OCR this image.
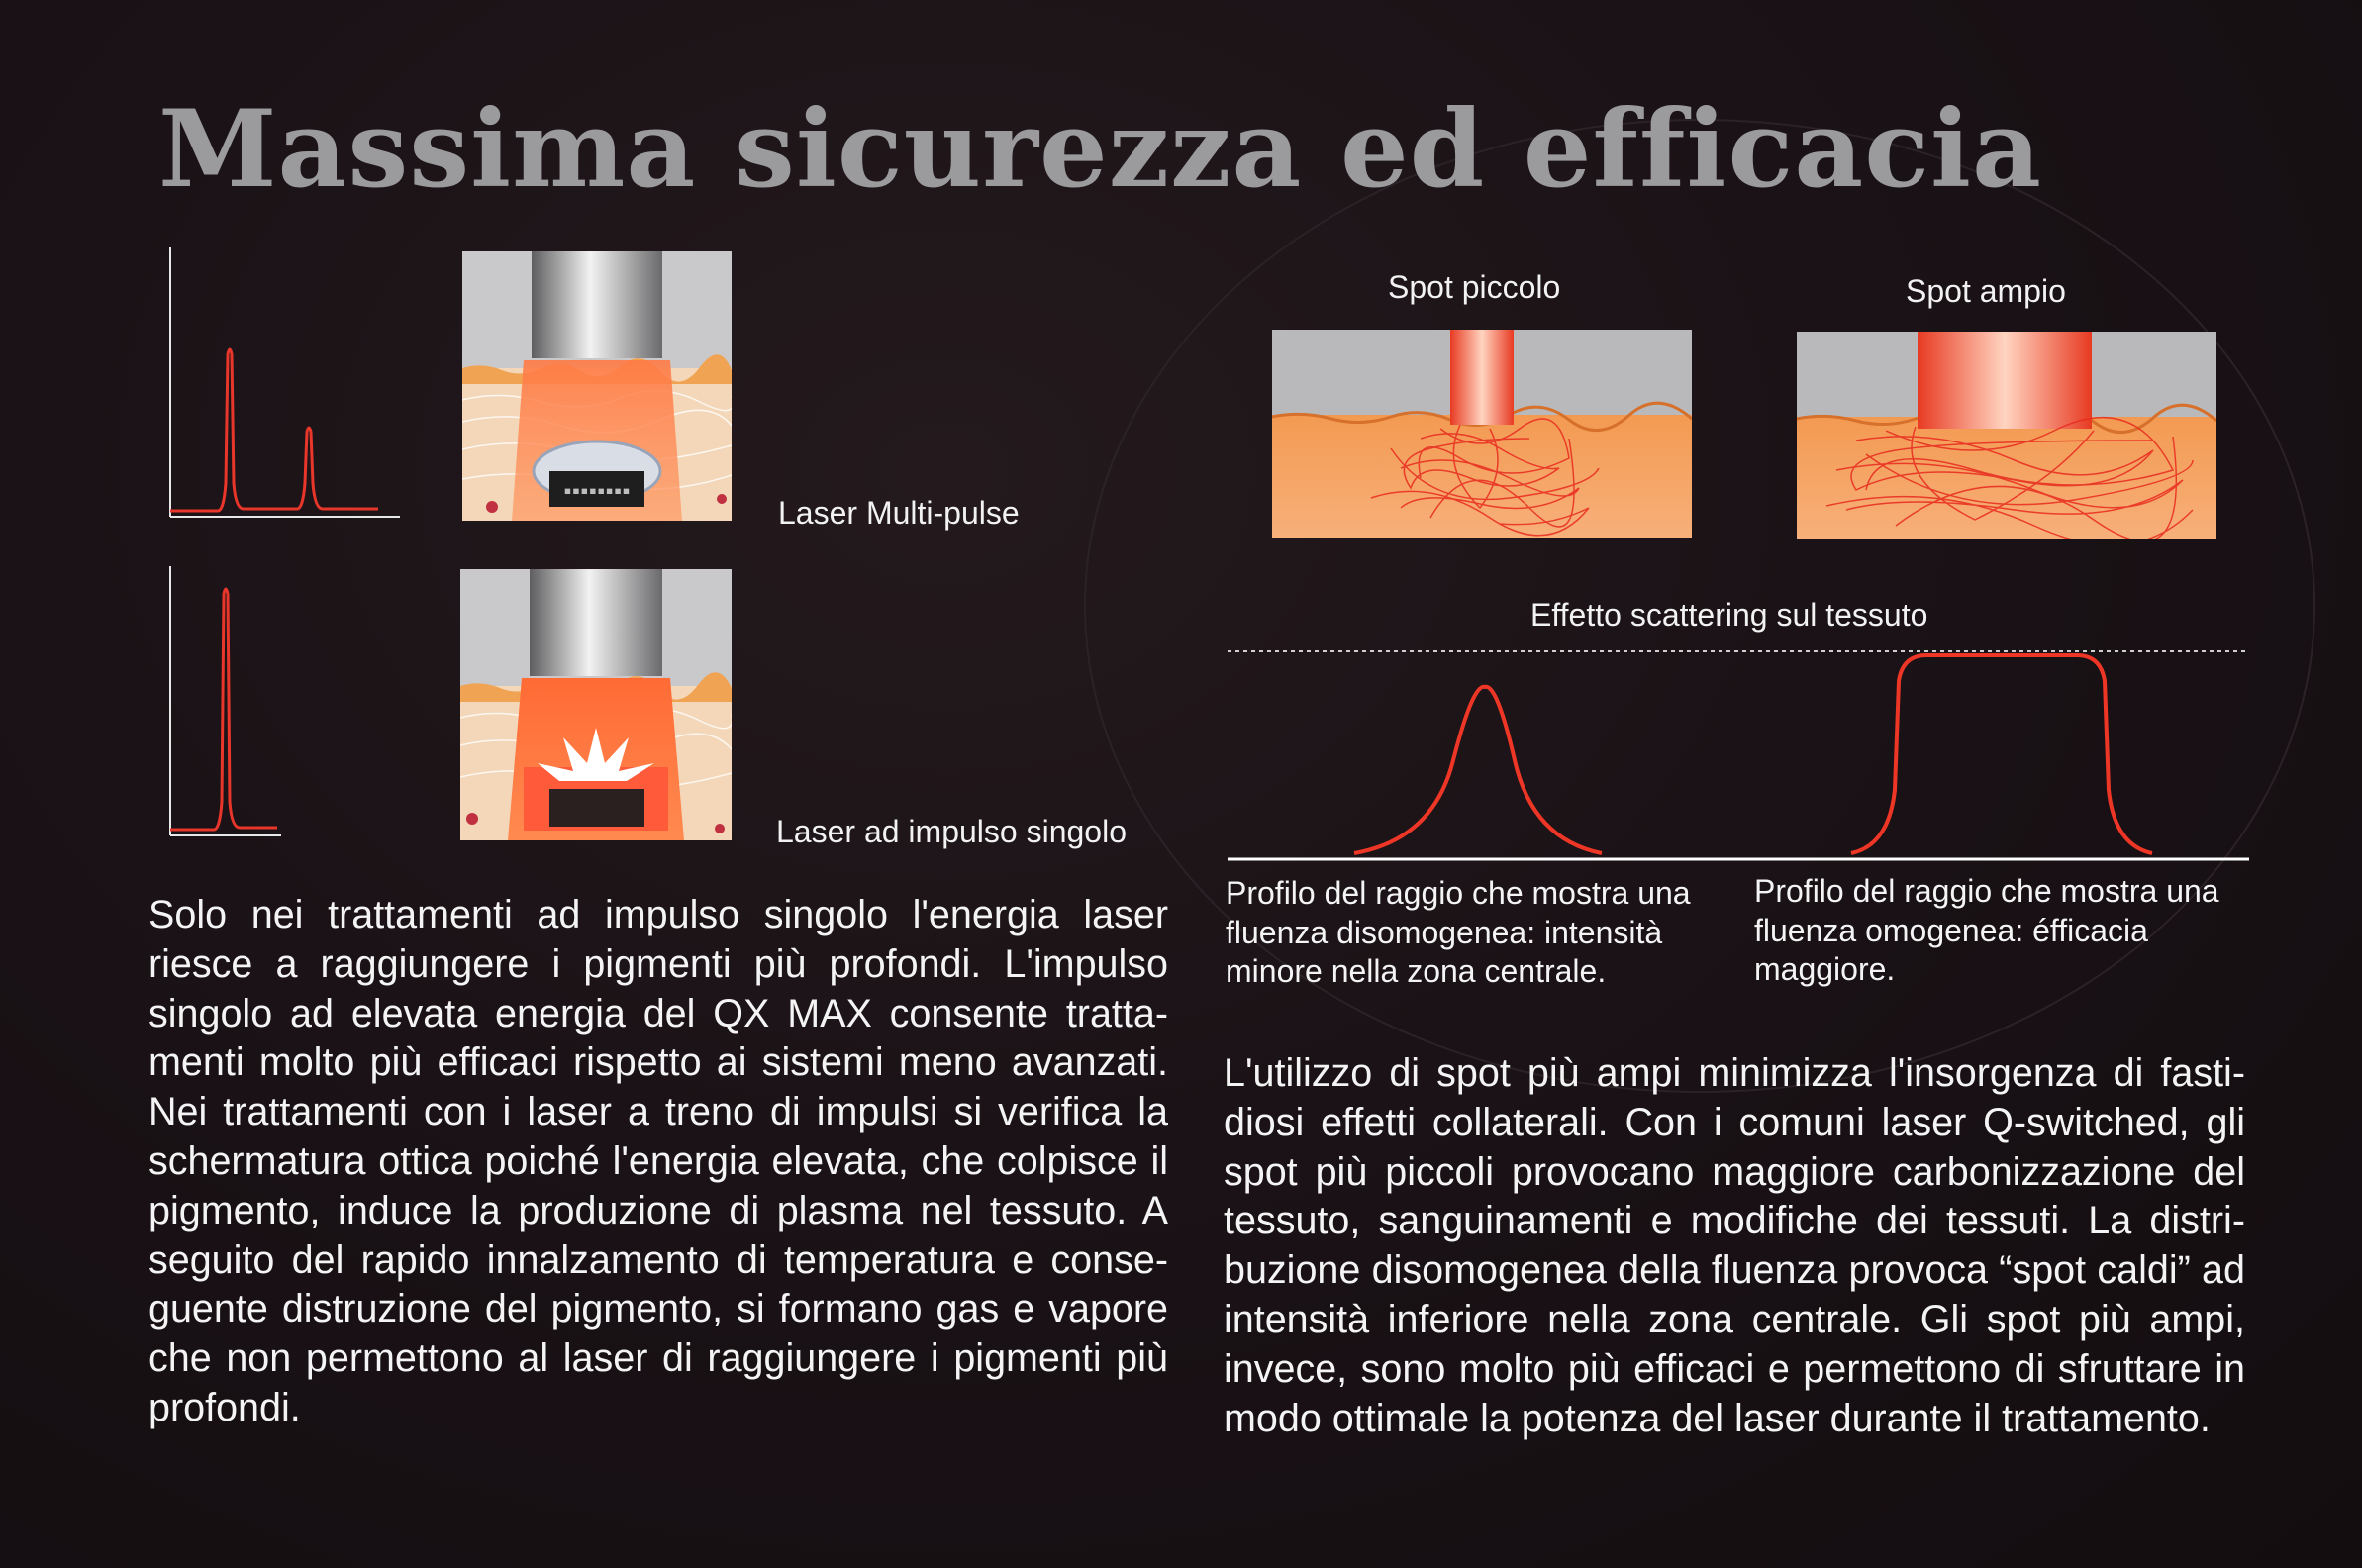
Massima sicurezza ed efficacia
▪▪▪▪▪▪▪▪
Laser Multi-pulse
Laser ad impulso singolo

Solo nei trattamenti ad impulso singolo l'energia laser riesce a raggiungere i pigmenti più profondi. L'impulso singolo ad elevata energia del QX MAX consente trattamenti molto più efficaci rispetto ai sistemi meno avanzati. Nei trattamenti con i laser a treno di impulsi si verifica la schermatura ottica poiché l'energia elevata, che colpisce il pigmento, induce la produzione di plasma nel tessuto. A seguito del rapido innalzamento di temperatura e conseguente distruzione del pigmento, si formano gas e vapore che non permettono al laser di raggiungere i pigmenti più profondi.

Spot piccolo	Spot ampio
Effetto scattering sul tessuto

Profilo del raggio che mostra una fluenza disomogenea: intensità minore nella zona centrale.

Profilo del raggio che mostra una fluenza omogenea: éfficacia maggiore.

L'utilizzo di spot più ampi minimizza l'insorgenza di fastidiosi effetti collaterali. Con i comuni laser Q-switched, gli spot più piccoli provocano maggiore carbonizzazione del tessuto, sanguinamenti e modifiche dei tessuti. La distribuzione disomogenea della fluenza provoca “spot caldi” ad intensità inferiore nella zona centrale. Gli spot più ampi, invece, sono molto più efficaci e permettono di sfruttare in modo ottimale la potenza del laser durante il trattamento.
